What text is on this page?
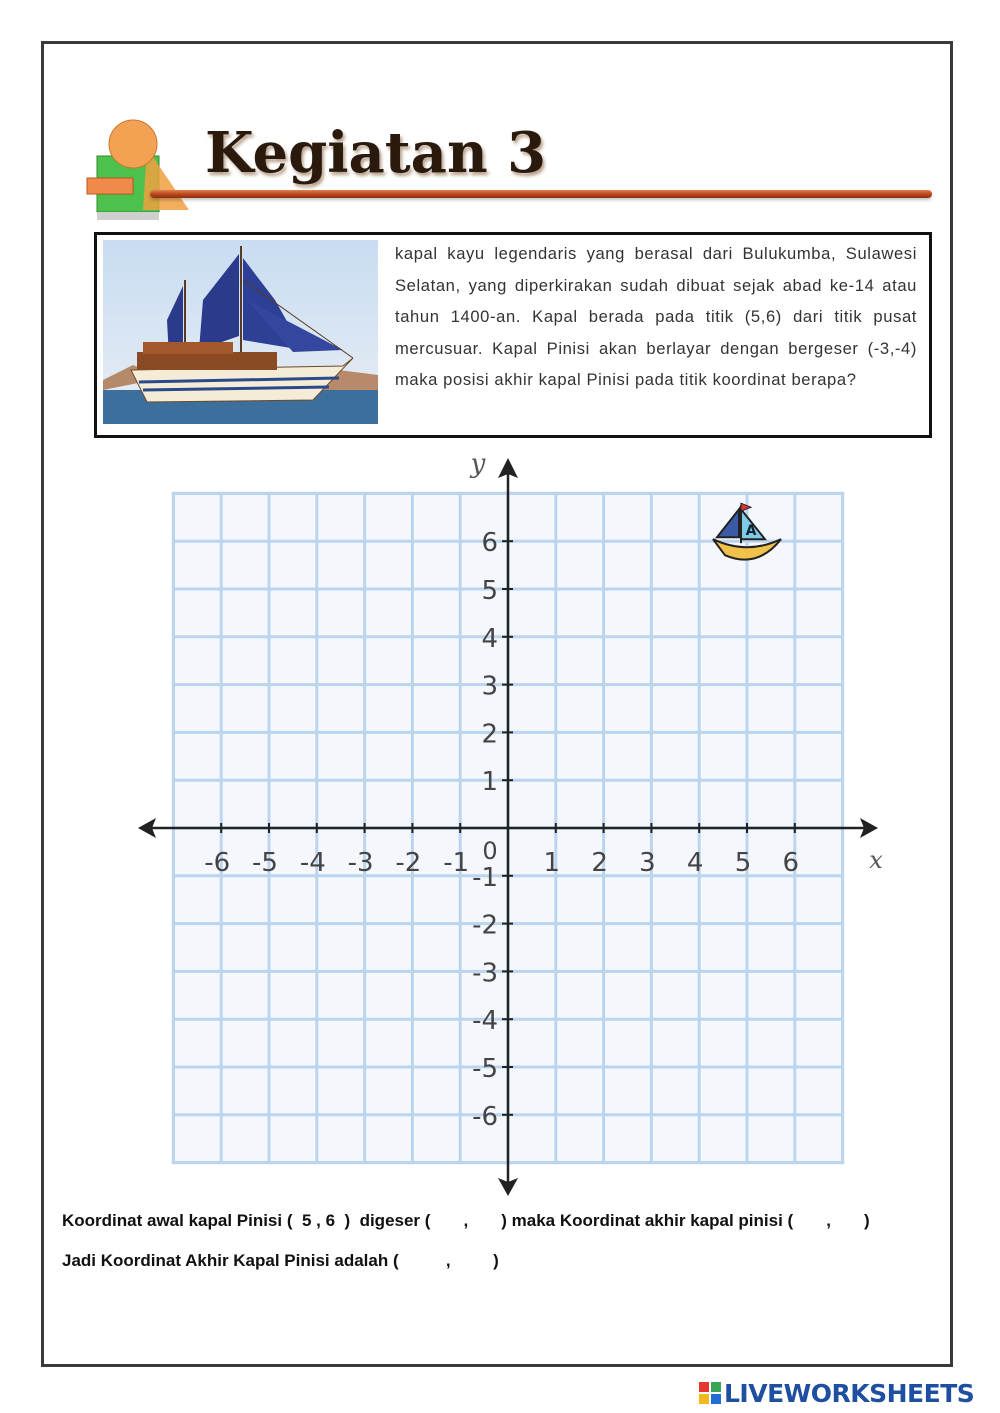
Kegiatan 3
kapal kayu legendaris yang berasal dari Bulukumba, Sulawesi Selatan, yang diperkirakan sudah dibuat sejak abad ke-14 atau tahun 1400-an. Kapal berada pada titik (5,6) dari titik pusat mercusuar. Kapal Pinisi akan berlayar dengan bergeser (-3,-4) maka posisi akhir kapal Pinisi pada titik koordinat berapa?
-6 -5 -4 -3 -2 -1	1 2 3 4 5 6
6
5
4
3
2
1
-1
-2
-3
-4
-5
-6
0	x
y
A
Koordinat awal kapal Pinisi (  5 , 6  )  digeser (       ,       ) maka Koordinat akhir kapal pinisi (       ,       )
Jadi Koordinat Akhir Kapal Pinisi adalah (          ,         )
LIVEWORKSHEETS
